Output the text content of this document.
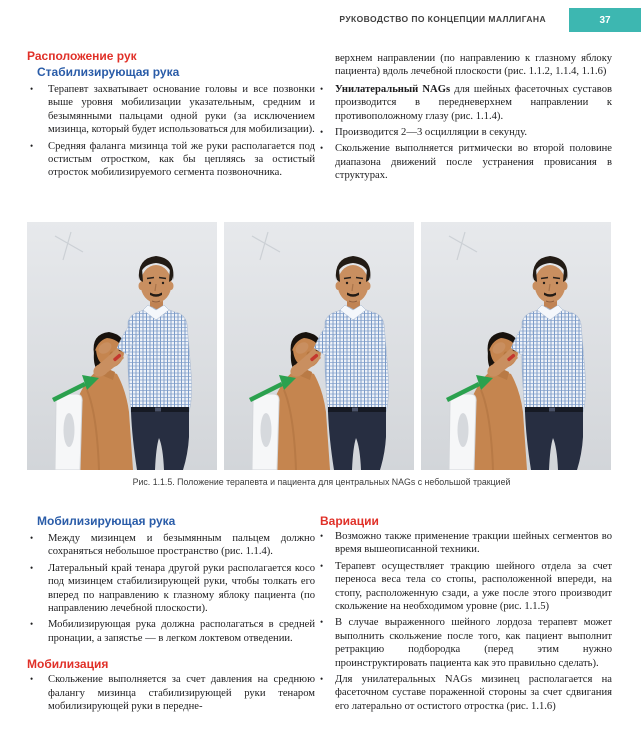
РУКОВОДСТВО ПО КОНЦЕПЦИИ МАЛЛИГАНА	37
Расположение рук
Стабилизирующая рука
•	Терапевт захватывает основание головы и все позвонки выше уровня мобилизации указательным, средним и безымянными пальцами одной руки (за исключением мизинца, который будет использоваться для мобилизации).
•	Средняя фаланга мизинца той же руки располагается под остистым отростком, как бы цепляясь за остистый отросток мобилизируемого сегмента позвоночника.

верхнем направлении (по направлению к глазному яблоку пациента) вдоль лечебной плоскости (рис. 1.1.2, 1.1.4, 1.1.6)

•	Унилатеральный NAGs для шейных фасеточных суставов производится в передневерхнем направлении к противоположному глазу (рис. 1.1.4).
•	Производится 2—3 осцилляции в секунду.
•	Скольжение выполняется ритмически во второй половине диапазона движений после устранения провисания в структурах.
Рис. 1.1.5. Положение терапевта и пациента для центральных NAGs с небольшой тракцией
Мобилизирующая рука
•	Между мизинцем и безымянным пальцем должно сохраняться небольшое пространство (рис. 1.1.4).
•	Латеральный край тенара другой руки располагается косо под мизинцем стабилизирующей руки, чтобы толкать его вперед по направлению к глазному яблоку пациента (по направлению лечебной плоскости).
•	Мобилизирующая рука должна располагаться в средней пронации, а запястье — в легком локтевом отведении.
Мобилизация
•	Скольжение выполняется за счет давления на среднюю фалангу мизинца стабилизирующей руки тенаром мобилизирующей руки в передне-
Вариации
•	Возможно также применение тракции шейных сегментов во время вышеописанной техники.
•	Терапевт осуществляет тракцию шейного отдела за счет переноса веса тела со стопы, расположенной впереди, на стопу, расположенную сзади, а уже после этого производит скольжение на необходимом уровне (рис. 1.1.5)
•	В случае выраженного шейного лордоза терапевт может выполнить скольжение после того, как пациент выполнит ретракцию подбородка (перед этим нужно проинструктировать пациента как это правильно сделать).
•	Для унилатеральных NAGs мизинец располагается на фасеточном суставе пораженной стороны за счет сдвигания его латерально от остистого отростка (рис. 1.1.6)
